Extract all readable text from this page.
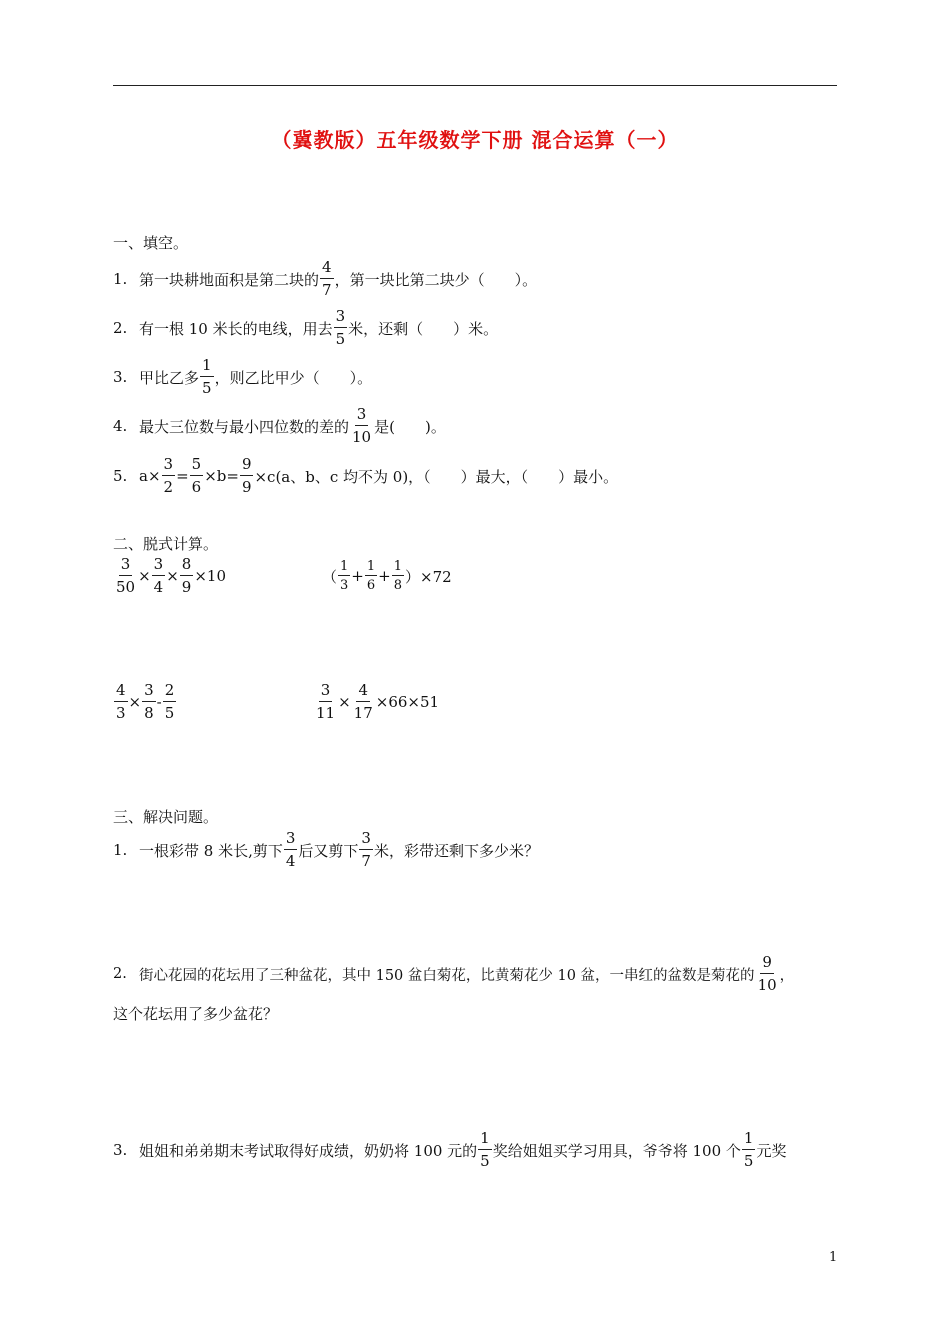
（冀教版）五年级数学下册 混合运算（一）
一、填空。
1. 第一块耕地面积是第二块的 $\frac{4}{7}$ ，第一块比第二块少（　　）。
2. 有一根 10 米长的电线，用去 $\frac{3}{5}$ 米，还剩（　　）米。
3. 甲比乙多 $\frac{1}{5}$ ，则乙比甲少（　　）。
4. 最大三位数与最小四位数的差的 $\frac{3}{10}$ 是(　　)。
5. $a\times \frac{3}{2} = \frac{5}{6} \times b= \frac{9}{9} \times c(a$、b、c 均不为 0)，（　　）最大，（　　）最小。
二、脱式计算。
$\frac{3}{50} \times \frac{3}{4} \times \frac{8}{9} \times 10$	（ $\frac{1}{3} + \frac{1}{6} + \frac{1}{8} )\times 72$
$\frac{4}{3} \times \frac{3}{8} - \frac{2}{5}$	$\frac{3}{11} \times \frac{4}{17} \times 66\times 51$
三、解决问题。
1. 一根彩带 8 米长,剪下 $\frac{3}{4}$ 后又剪下 $\frac{3}{7}$ 米，彩带还剩下多少米？
2. 街心花园的花坛用了三种盆花，其中 150 盆白菊花，比黄菊花少 10 盆，一串红的盆数是菊花的 $\frac{9}{10}$ ，
这个花坛用了多少盆花？
3. 姐姐和弟弟期末考试取得好成绩，奶奶将 100 元的 $\frac{1}{5}$ 奖给姐姐买学习用具，爷爷将 100 个 $\frac{1}{5}$ 元奖
1
